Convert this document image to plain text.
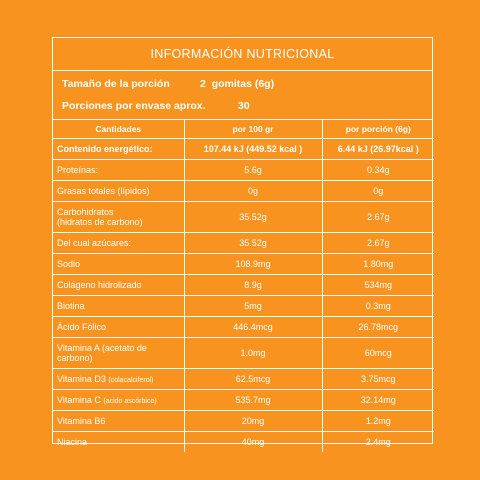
INFORMACIÓN NUTRICIONAL
Tamaño de la porción	2  gomitas (6g)
Porciones por envase aprox.	30
Cantidades	por 100 gr	por porción (6g)
Contenido energético:	107.44 kJ (449.52 kcal )	6.44 kJ (26.97kcal )
Proteínas:	5.6g	0.34g
Grasas totales (lípidos)	0g	0g
Carbohidratos
(hidratos de carbono)	35.52g	2.67g
Del cual azúcares:	35.52g	2.67g
Sodio	108.9mg	1.80mg
Colágeno hidrolizado	8.9g	534mg
Biotina	5mg	0.3mg
Ácido Fólico	446.4mcg	26.78mcg
Vitamina A (acetato de
carbono)	1.0mg	60mcg
Vitamina D3 (colacalciferol)	62.5mcg	3.75mcg
Vitamina C (acido ascórbico)	535.7mg	32.14mg
Vitamina B6	20mg	1.2mg
Niacina	40mg	2.4mg
